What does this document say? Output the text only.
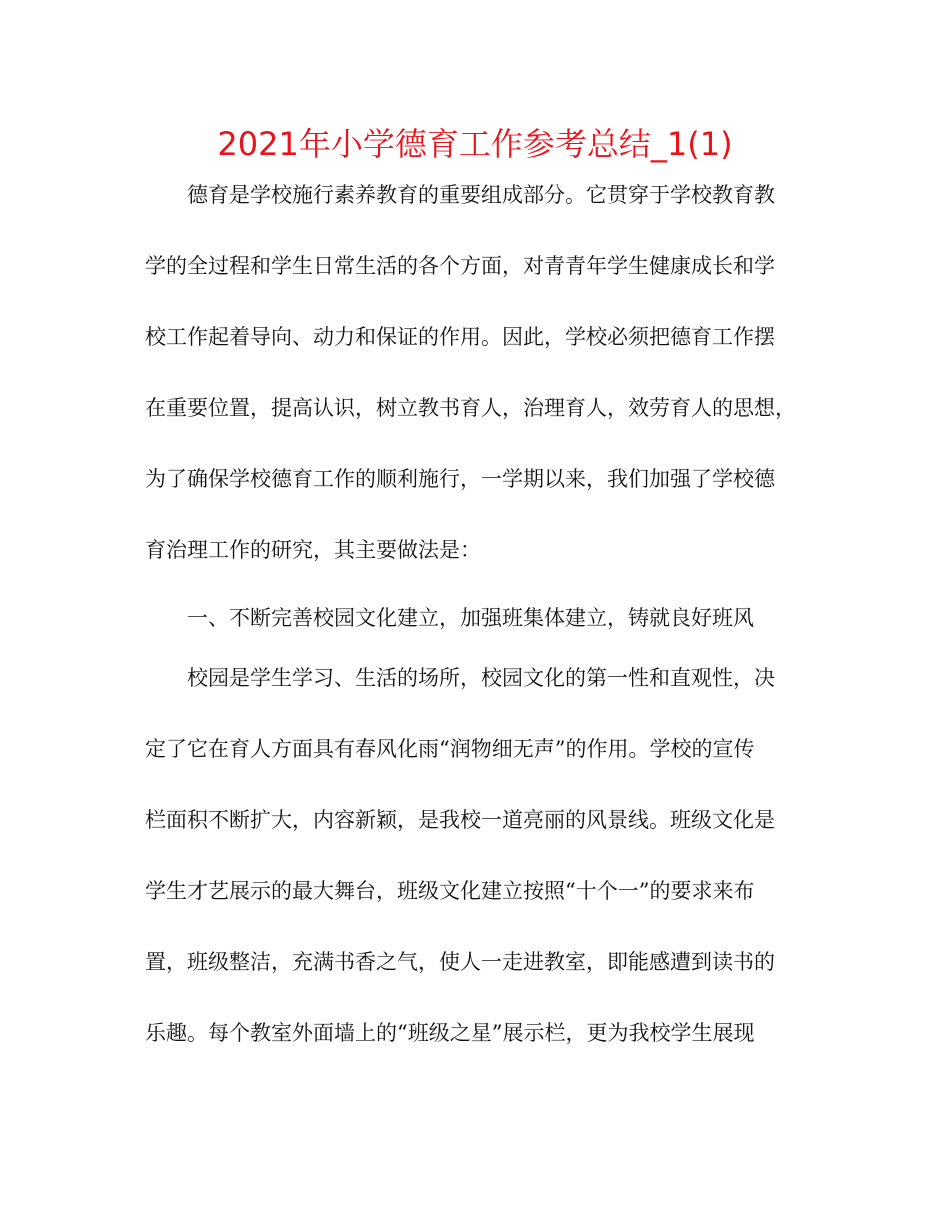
2021年小学德育工作参考总结_1(1)

德育是学校施行素养教育的重要组成部分。它贯穿于学校教育教

学的全过程和学生日常生活的各个方面，对青青年学生健康成长和学

校工作起着导向、动力和保证的作用。因此，学校必须把德育工作摆

在重要位置，提高认识，树立教书育人，治理育人，效劳育人的思想，

为了确保学校德育工作的顺利施行，一学期以来，我们加强了学校德

育治理工作的研究，其主要做法是：

一、不断完善校园文化建立，加强班集体建立，铸就良好班风

校园是学生学习、生活的场所，校园文化的第一性和直观性，决

定了它在育人方面具有春风化雨“润物细无声”的作用。学校的宣传

栏面积不断扩大，内容新颖，是我校一道亮丽的风景线。班级文化是

学生才艺展示的最大舞台，班级文化建立按照“十个一”的要求来布

置，班级整洁，充满书香之气，使人一走进教室，即能感遭到读书的

乐趣。每个教室外面墙上的“班级之星”展示栏，更为我校学生展现
